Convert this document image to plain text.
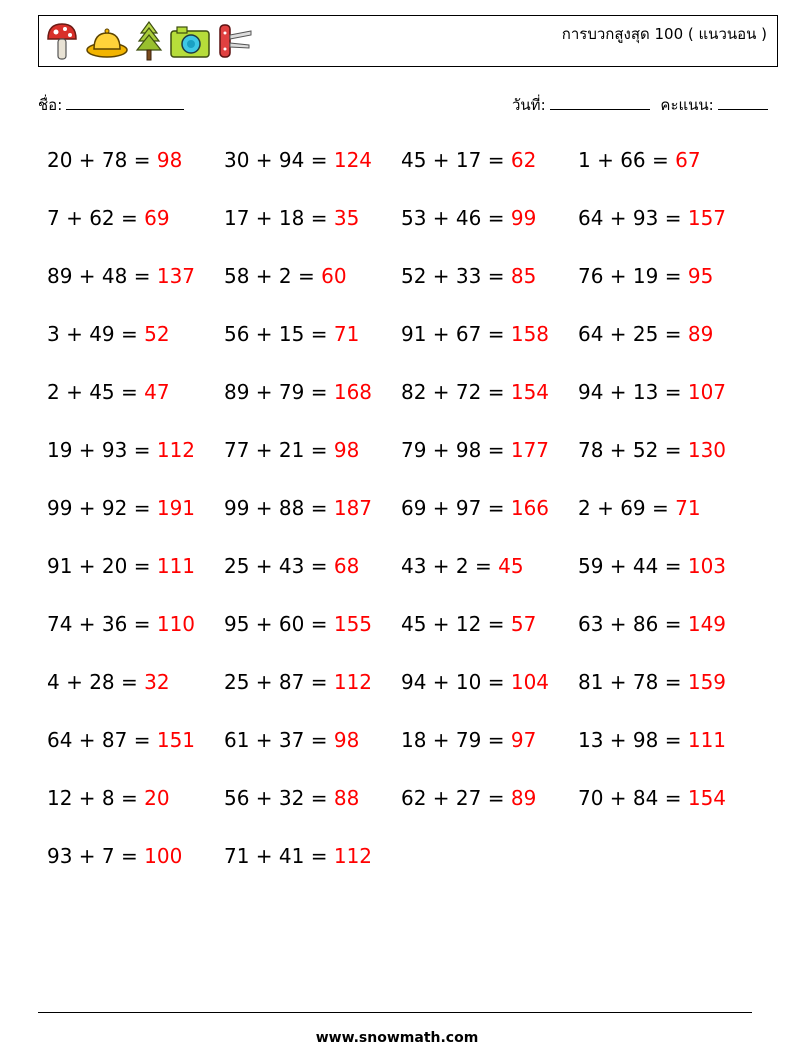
การบวกสูงสุด 100 ( แนวนอน )
ชื่อ:	วันที่:	คะแนน:
20 + 78 = 98 30 + 94 = 124 45 + 17 = 62 1 + 66 = 67
7 + 62 = 69	17 + 18 = 35 53 + 46 = 99 64 + 93 = 157
89 + 48 = 137 58 + 2 = 60	52 + 33 = 85 76 + 19 = 95
3 + 49 = 52	56 + 15 = 71 91 + 67 = 158 64 + 25 = 89
2 + 45 = 47	89 + 79 = 168 82 + 72 = 154 94 + 13 = 107
19 + 93 = 112 77 + 21 = 98 79 + 98 = 177 78 + 52 = 130
99 + 92 = 191 99 + 88 = 187 69 + 97 = 166 2 + 69 = 71
91 + 20 = 111 25 + 43 = 68 43 + 2 = 45	59 + 44 = 103
74 + 36 = 110 95 + 60 = 155 45 + 12 = 57 63 + 86 = 149
4 + 28 = 32	25 + 87 = 112 94 + 10 = 104 81 + 78 = 159
64 + 87 = 151 61 + 37 = 98 18 + 79 = 97 13 + 98 = 111
12 + 8 = 20	56 + 32 = 88 62 + 27 = 89 70 + 84 = 154
93 + 7 = 100 71 + 41 = 112
www.snowmath.com
